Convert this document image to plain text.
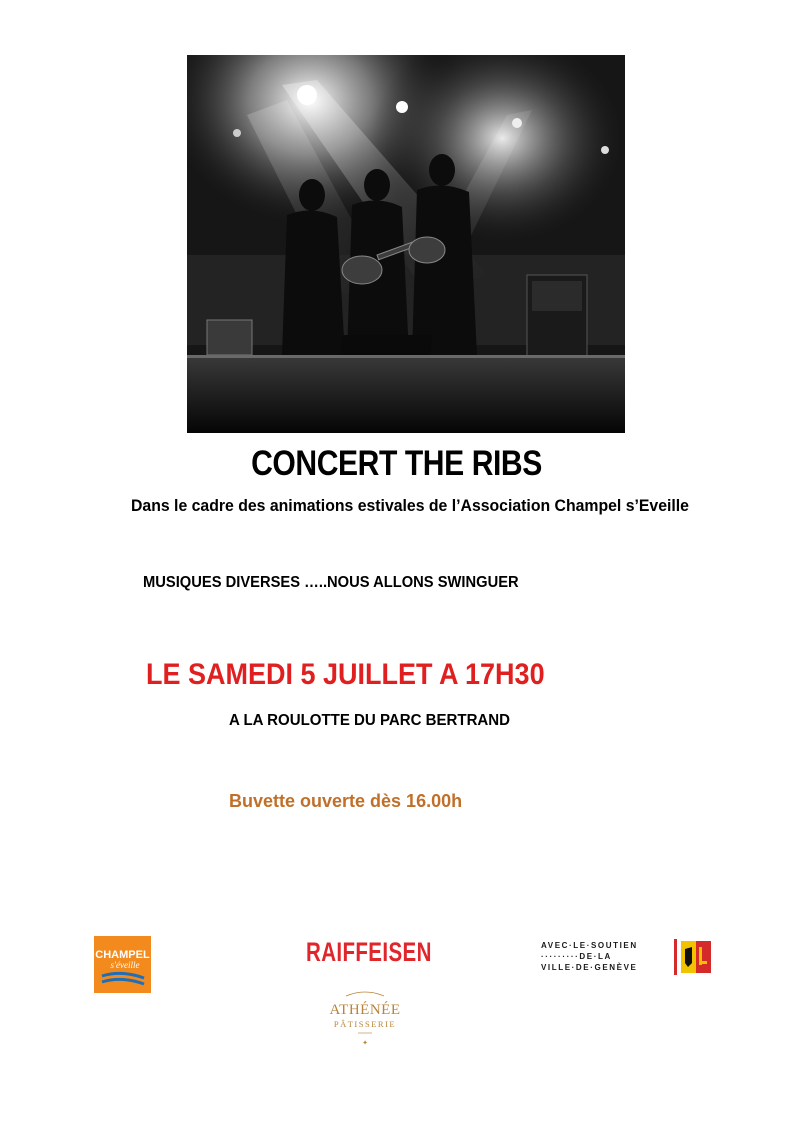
CONCERT THE RIBS
Dans le cadre des animations estivales de l’Association Champel s’Eveille
MUSIQUES DIVERSES …..NOUS ALLONS SWINGUER
LE SAMEDI 5 JUILLET A 17H30
A LA ROULOTTE DU PARC BERTRAND
Buvette ouverte dès 16.00h
CHAMPEL
s'éveille	RAIFFEISEN
ATHÉNÉE
PÂTISSERIE
✦
AVEC·LE·SOUTIEN
·········DE·LA
VILLE·DE·GENÈVE
